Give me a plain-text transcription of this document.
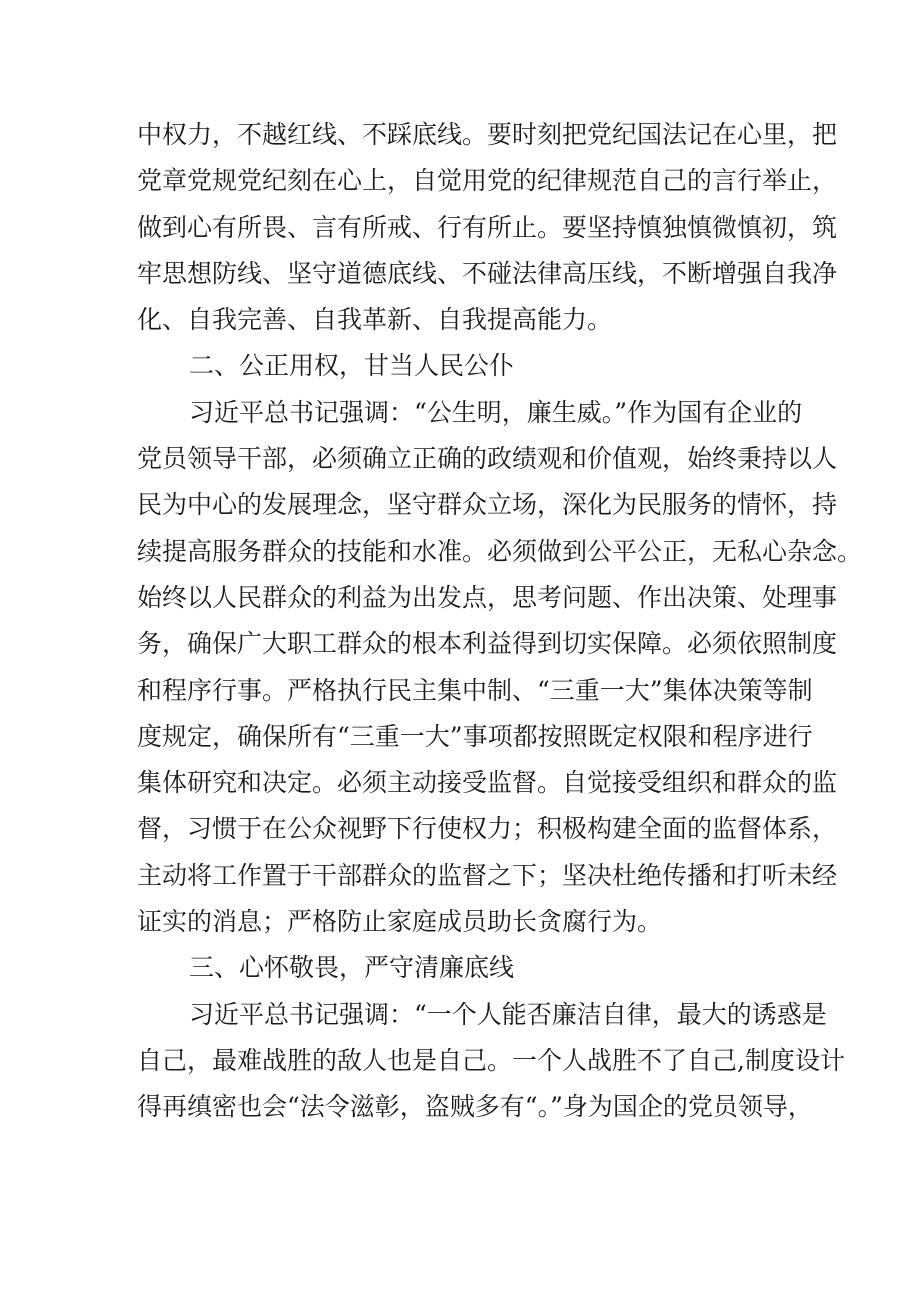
中权力，不越红线、不踩底线。要时刻把党纪国法记在心里，把
党章党规党纪刻在心上，自觉用党的纪律规范自己的言行举止，
做到心有所畏、言有所戒、行有所止。要坚持慎独慎微慎初，筑
牢思想防线、坚守道德底线、不碰法律高压线，不断增强自我净
化、自我完善、自我革新、自我提高能力。
二、公正用权，甘当人民公仆
习近平总书记强调：“公生明，廉生威。”作为国有企业的
党员领导干部，必须确立正确的政绩观和价值观，始终秉持以人
民为中心的发展理念，坚守群众立场，深化为民服务的情怀，持
续提高服务群众的技能和水准。必须做到公平公正，无私心杂念。
始终以人民群众的利益为出发点，思考问题、作出决策、处理事
务，确保广大职工群众的根本利益得到切实保障。必须依照制度
和程序行事。严格执行民主集中制、“三重一大”集体决策等制
度规定，确保所有“三重一大”事项都按照既定权限和程序进行
集体研究和决定。必须主动接受监督。自觉接受组织和群众的监
督，习惯于在公众视野下行使权力；积极构建全面的监督体系，
主动将工作置于干部群众的监督之下；坚决杜绝传播和打听未经
证实的消息；严格防止家庭成员助长贪腐行为。
三、心怀敬畏，严守清廉底线
习近平总书记强调：“一个人能否廉洁自律，最大的诱惑是
自己，最难战胜的敌人也是自己。一个人战胜不了自己,制度设计
得再缜密也会“法令滋彰，盗贼多有“。”身为国企的党员领导，
